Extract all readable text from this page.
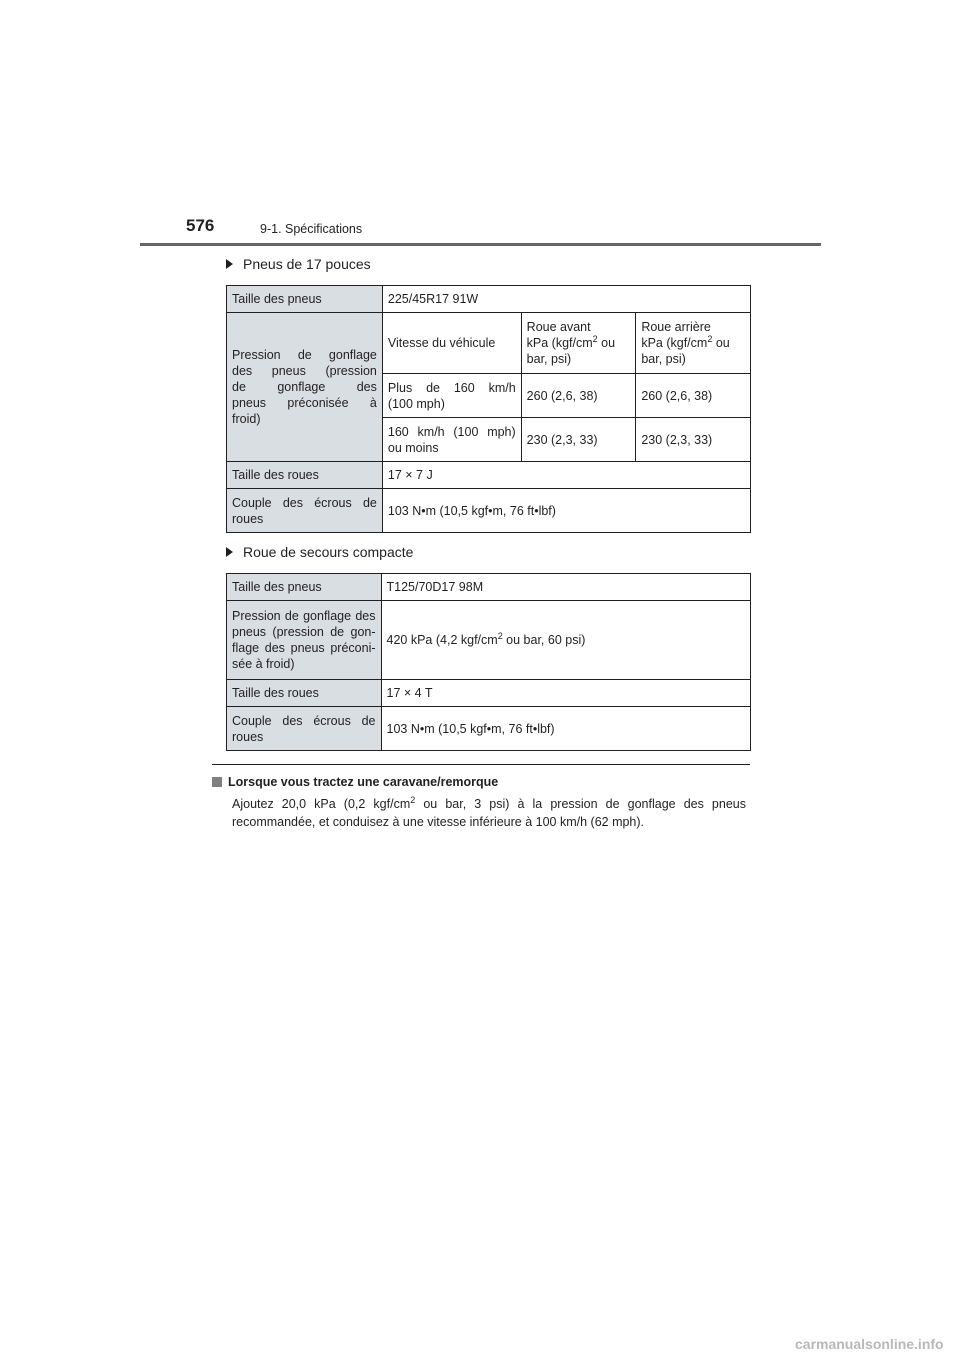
576	9-1. Spécifications
Pneus de 17 pouces
Taille des pneus	225/45R17 91W		

Pression de gonflage
des pneus (pression
de gonflage des
pneus préconisée à
froid)	Vitesse du véhicule	Roue avant
kPa ($kgf/cm^2$ ou
bar, psi)	Roue arrière
kPa ($kgf/cm^2$ ou
bar, psi)

	Plus de 160 km/h
(100 mph)	260 (2,6, 38)	260 (2,6, 38)

	160 km/h (100 mph)
ou moins	230 (2,3, 33)	230 (2,3, 33)
Taille des roues	17 × 7 J		

Couple des écrous de
roues	103 N•m (10,5 kgf•m, 76 ft•lbf)		
Roue de secours compacte
Taille des pneus	T125/70D17 98M

Pression de gonflage des
pneus (pression de gon-
flage des pneus préconi-
sée à froid)	420 kPa (4,2 kgf/$cm^2$ ou bar, 60 psi)
Taille des roues	17 × 4 T

Couple des écrous de
roues	103 N•m (10,5 kgf•m, 76 ft•lbf)
Lorsque vous tractez une caravane/remorque
Ajoutez 20,0 kPa (0,2 kgf/$cm^2$ ou bar, 3 psi) à la pression de gonflage des pneus
recommandée, et conduisez à une vitesse inférieure à 100 km/h (62 mph).
carmanualsonline.info
